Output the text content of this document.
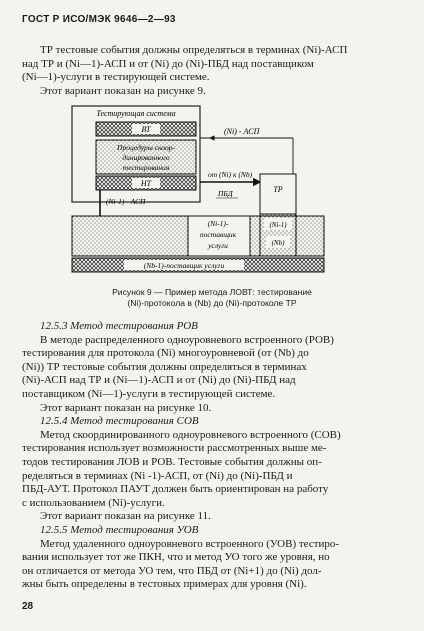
ГОСТ Р ИСО/МЭК 9646—2—93
ТР тестовые события должны определяться в терминах (Ni)-АСП
над ТР и (Ni—1)-АСП и от (Ni) до (Ni)-ПБД над поставщиком
(Ni—1)-услуги в тестирующей системе.
Этот вариант показан на рисунке 9.
Тестирующая система
ВТ
Процедуры скоор-
динированного
тестирования
НТ
(Ni-1) - АСП
(Ni) - АСП
от (Ni) к (Nb)
ПБД	ТР
(Ni-1)-
поставщик
услуги
(Ni-1)
(Nb)
(Nb-1)-поставщик услуги
Рисунок 9 — Пример метода ЛОВТ: тестирование
(Ni)-протокола в (Nb) до (Ni)-протоколе ТР
12.5.3 Метод тестирования РОВ
В методе распределенного одноуровневого встроенного (РОВ)
тестирования для протокола (Ni) многоуровневой (от (Nb) до
(Ni)) ТР тестовые события должны определяться в терминах
(Ni)-АСП над ТР и (Ni—1)-АСП и от (Ni) до (Ni)-ПБД над
поставщиком (Ni—1)-услуги в тестирующей системе.
Этот вариант показан на рисунке 10.
12.5.4 Метод тестирования СОВ
Метод скоординированного одноуровневого встроенного (СОВ)
тестирования использует возможности рассмотренных выше ме-
тодов тестирования ЛОВ и РОВ. Тестовые события должны оп-
ределяться в терминах (Ni -1)-АСП, от (Ni) до (Ni)-ПБД и
ПБД-АУТ. Протокол ПАУТ должен быть ориентирован на работу
с использованием (Ni)-услуги.
Этот вариант показан на рисунке 11.
12.5.5 Метод тестирования УОВ
Метод удаленного одноуровневого встроенного (УОВ) тестиро-
вания использует тот же ПКН, что и метод УО того же уровня, но
он отличается от метода УО тем, что ПБД от (Ni+1) до (Ni) дол-
жны быть определены в тестовых примерах для уровня (Ni).
28
